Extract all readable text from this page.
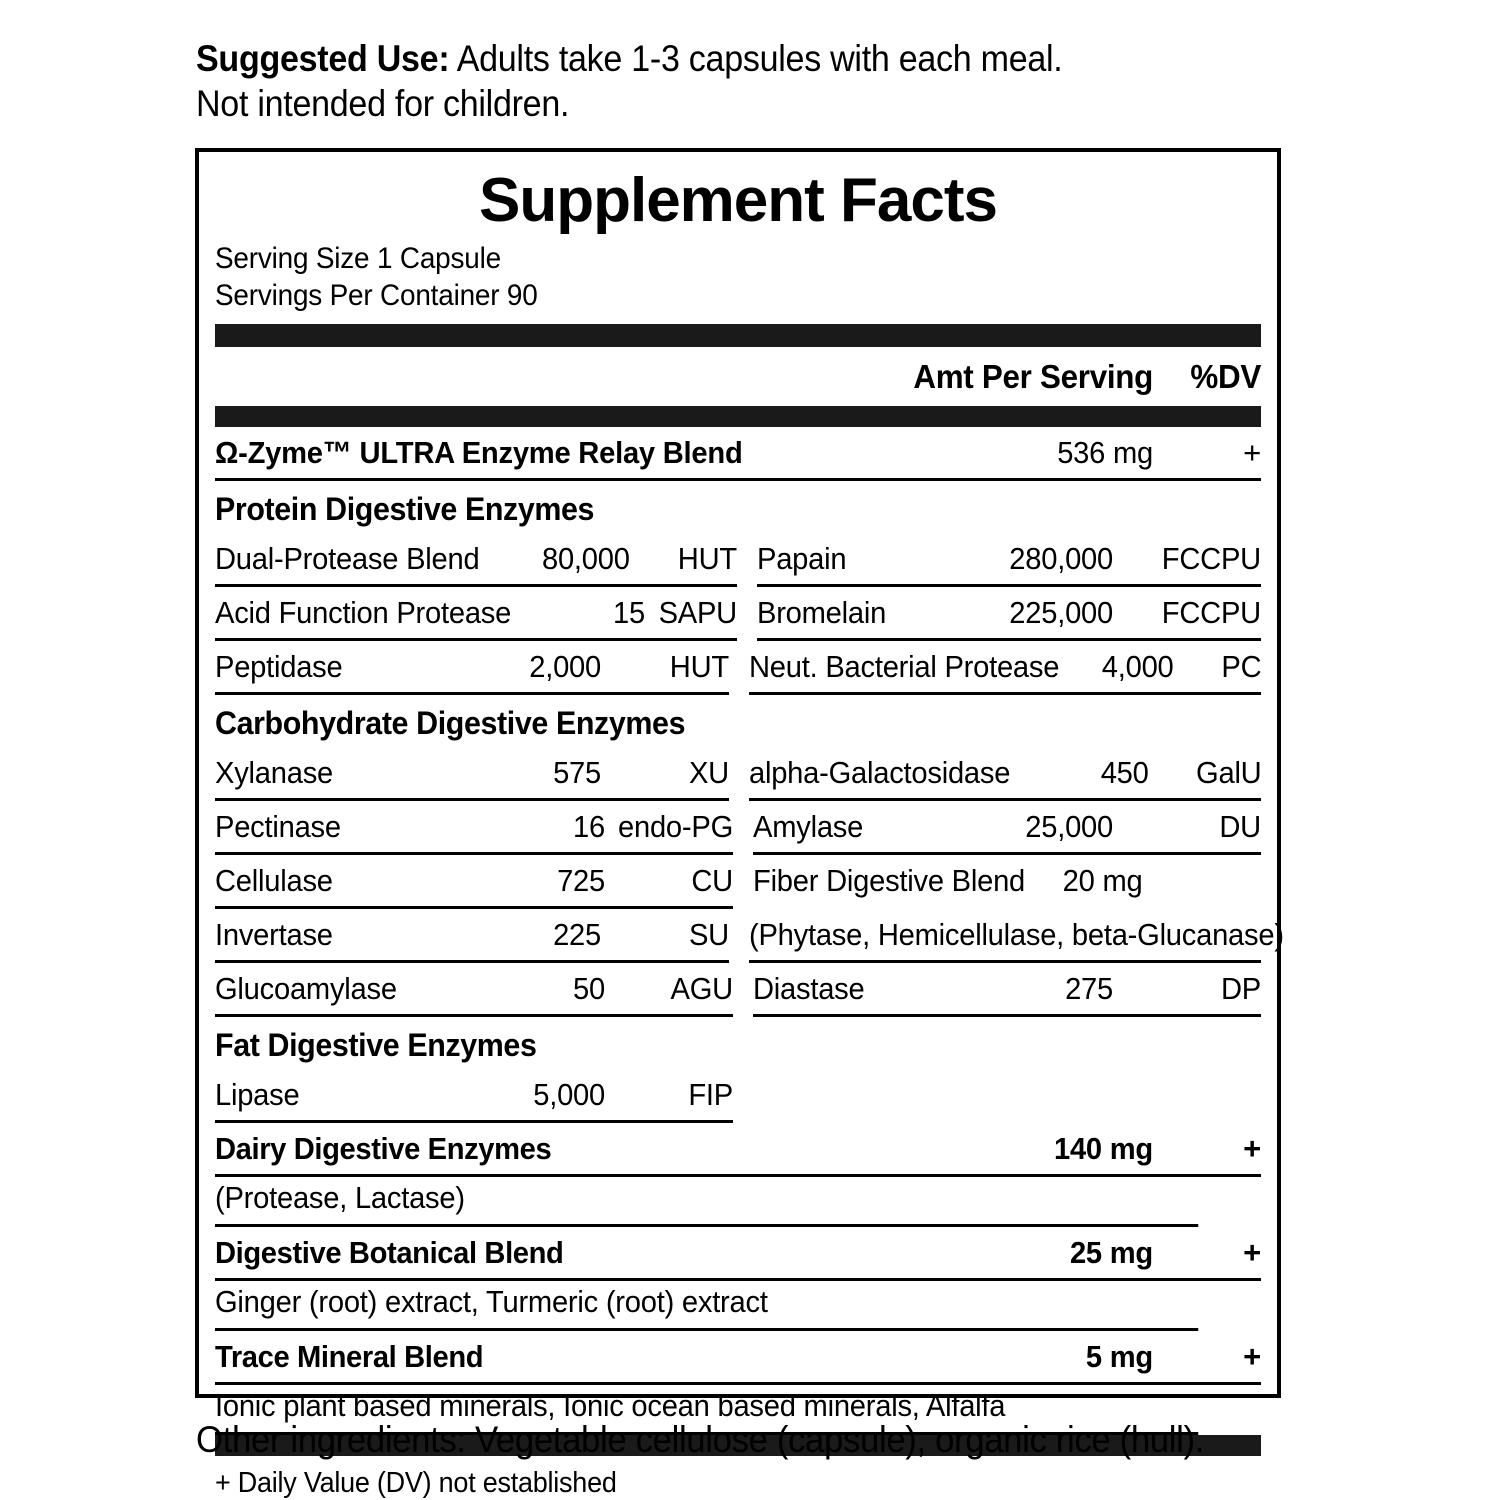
Suggested Use: Adults take 1-3 capsules with each meal.
Not intended for children.
Supplement Facts
Serving Size 1 Capsule
Servings Per Container 90
Amt Per Serving	%DV
Ω-Zyme™ ULTRA Enzyme Relay Blend	536 mg	+
Protein Digestive Enzymes
Dual-Protease Blend	80,000	HUT Papain	280,000	FCCPU
Acid Function Protease	15 SAPU Bromelain	225,000	FCCPU
Peptidase	2,000	HUT Neut. Bacterial Protease	4,000	PC
Carbohydrate Digestive Enzymes
Xylanase	575	XU alpha-Galactosidase	450	GalU
Pectinase	16 endo-PG Amylase	25,000	DU
Cellulase	725	CU Fiber Digestive Blend	20 mg
Invertase	225	SU (Phytase, Hemicellulase, beta-Glucanase)
Glucoamylase	50	AGU Diastase	275	DP
Fat Digestive Enzymes
Lipase	5,000	FIP
Dairy Digestive Enzymes	140 mg	+
(Protease, Lactase)
Digestive Botanical Blend	25 mg	+
Ginger (root) extract, Turmeric (root) extract
Trace Mineral Blend	5 mg	+
Ionic plant based minerals, Ionic ocean based minerals, Alfalfa
+ Daily Value (DV) not established
Other ingredients: Vegetable cellulose (capsule), organic rice (hull).
